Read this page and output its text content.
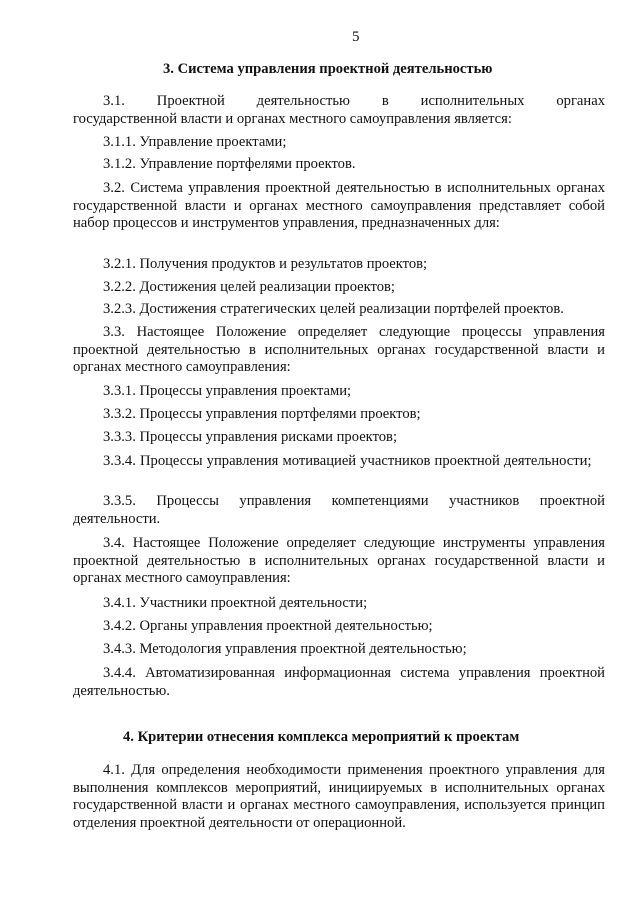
5
3. Система управления проектной деятельностью
3.1. Проектной деятельностью в исполнительных органах
государственной власти и органах местного самоуправления является:
3.1.1. Управление проектами;
3.1.2. Управление портфелями проектов.
3.2. Система управления проектной деятельностью в исполнительных органах государственной власти и органах местного самоуправления представляет собой набор процессов и инструментов управления, предназначенных для:
3.2.1. Получения продуктов и результатов проектов;
3.2.2. Достижения целей реализации проектов;
3.2.3. Достижения стратегических целей реализации портфелей проектов.
3.3. Настоящее Положение определяет следующие процессы управления проектной деятельностью в исполнительных органах государственной власти и органах местного самоуправления:
3.3.1. Процессы управления проектами;
3.3.2. Процессы управления портфелями проектов;
3.3.3. Процессы управления рисками проектов;
3.3.4. Процессы управления мотивацией участников проектной деятельности;
3.3.5. Процессы управления компетенциями участников проектной деятельности.
3.4. Настоящее Положение определяет следующие инструменты управления проектной деятельностью в исполнительных органах государственной власти и органах местного самоуправления:
3.4.1. Участники проектной деятельности;
3.4.2. Органы управления проектной деятельностью;
3.4.3. Методология управления проектной деятельностью;
3.4.4. Автоматизированная информационная система управления проектной деятельностью.
4. Критерии отнесения комплекса мероприятий к проектам
4.1. Для определения необходимости применения проектного управления для выполнения комплексов мероприятий, инициируемых в исполнительных органах государственной власти и органах местного самоуправления, используется принцип отделения проектной деятельности от операционной.
